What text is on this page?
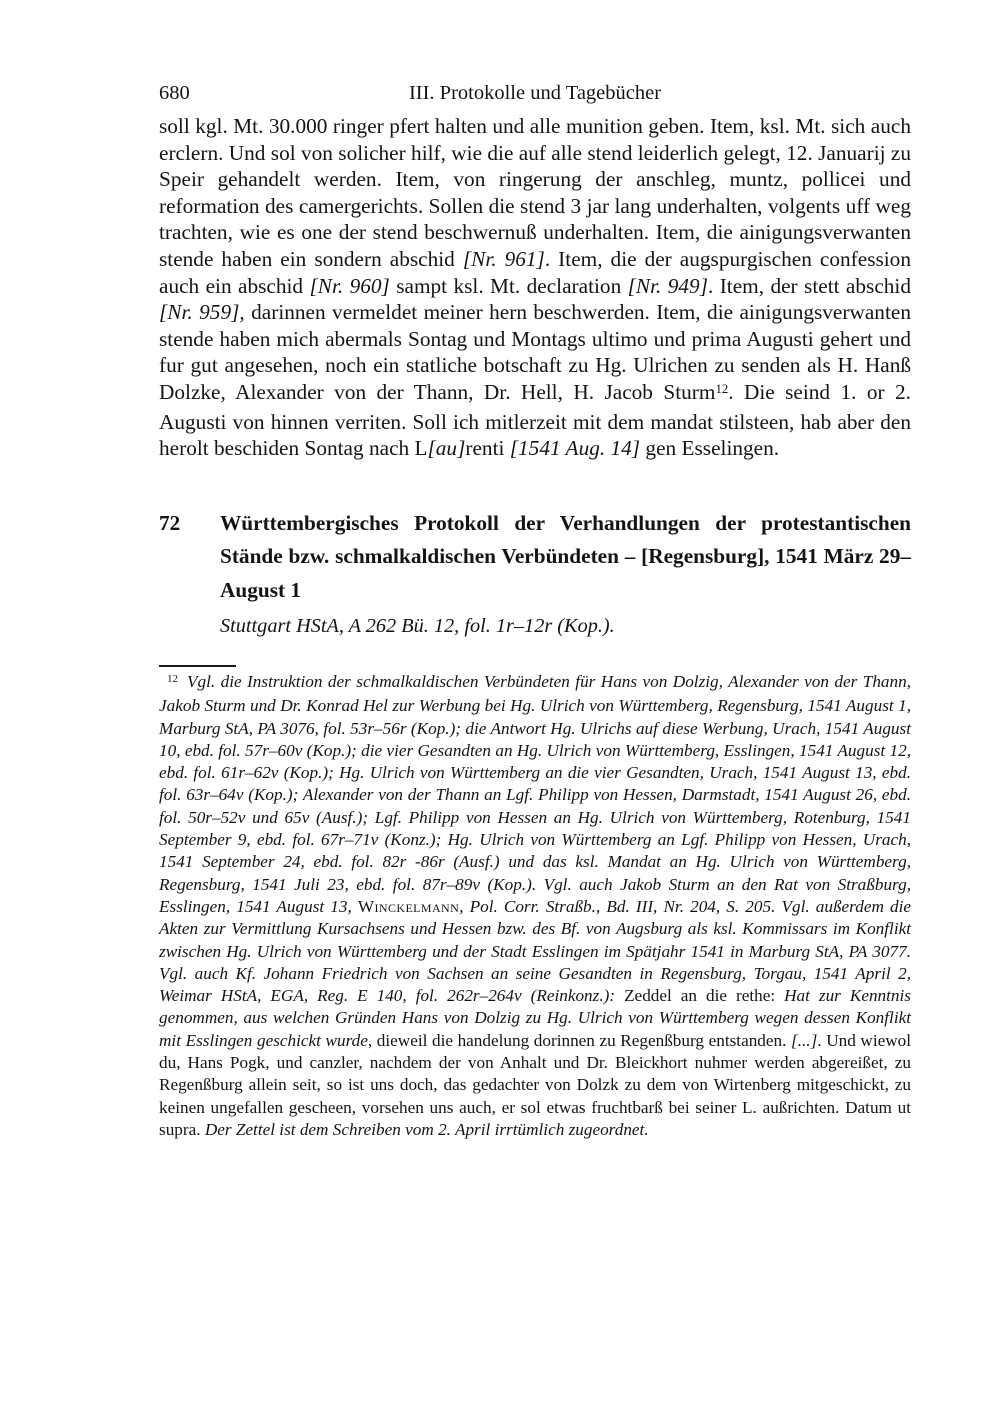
680	III. Protokolle und Tagebücher

soll kgl. Mt. 30.000 ringer pfert halten und alle munition geben. Item, ksl. Mt. sich auch erclern. Und sol von solicher hilf, wie die auf alle stend leiderlich gelegt, 12. Januarij zu Speir gehandelt werden. Item, von ringerung der anschleg, muntz, pollicei und reformation des camergerichts. Sollen die stend 3 jar lang underhalten, volgents uff weg trachten, wie es one der stend beschwernuß underhalten. Item, die ainigungsverwanten stende haben ein sondern abschid [Nr. 961]. Item, die der augspurgischen confession auch ein abschid [Nr. 960] sampt ksl. Mt. declaration [Nr. 949]. Item, der stett abschid [Nr. 959], darinnen vermeldet meiner hern beschwerden. Item, die ainigungsverwanten stende haben mich abermals Sontag und Montags ultimo und prima Augusti gehert und fur gut angesehen, noch ein statliche botschaft zu Hg. Ulrichen zu senden als H. Hanß Dolzke, Alexander von der Thann, Dr. Hell, H. Jacob Sturm$^{12}$. Die seind 1. or 2. Augusti von hinnen verriten. Soll ich mitlerzeit mit dem mandat stilsteen, hab aber den herolt beschiden Sontag nach L[au]renti [1541 Aug. 14] gen Esselingen.

72 Württembergisches Protokoll der Verhandlungen der protestantischen Stände bzw. schmalkaldischen Verbündeten – [Regensburg], 1541 März 29–August 1

Stuttgart HStA, A 262 Bü. 12, fol. 1r–12r (Kop.).

$^{12}$ Vgl. die Instruktion der schmalkaldischen Verbündeten für Hans von Dolzig, Alexander von der Thann, Jakob Sturm und Dr. Konrad Hel zur Werbung bei Hg. Ulrich von Württemberg, Regensburg, 1541 August 1, Marburg StA, PA 3076, fol. 53r–56r (Kop.); die Antwort Hg. Ulrichs auf diese Werbung, Urach, 1541 August 10, ebd. fol. 57r–60v (Kop.); die vier Gesandten an Hg. Ulrich von Württemberg, Esslingen, 1541 August 12, ebd. fol. 61r–62v (Kop.); Hg. Ulrich von Württemberg an die vier Gesandten, Urach, 1541 August 13, ebd. fol. 63r–64v (Kop.); Alexander von der Thann an Lgf. Philipp von Hessen, Darmstadt, 1541 August 26, ebd. fol. 50r–52v und 65v (Ausf.); Lgf. Philipp von Hessen an Hg. Ulrich von Württemberg, Rotenburg, 1541 September 9, ebd. fol. 67r–71v (Konz.); Hg. Ulrich von Württemberg an Lgf. Philipp von Hessen, Urach, 1541 September 24, ebd. fol. 82r -86r (Ausf.) und das ksl. Mandat an Hg. Ulrich von Württemberg, Regensburg, 1541 Juli 23, ebd. fol. 87r–89v (Kop.). Vgl. auch Jakob Sturm an den Rat von Straßburg, Esslingen, 1541 August 13, Winckelmann, Pol. Corr. Straßb., Bd. III, Nr. 204, S. 205. Vgl. außerdem die Akten zur Vermittlung Kursachsens und Hessen bzw. des Bf. von Augsburg als ksl. Kommissars im Konflikt zwischen Hg. Ulrich von Württemberg und der Stadt Esslingen im Spätjahr 1541 in Marburg StA, PA 3077. Vgl. auch Kf. Johann Friedrich von Sachsen an seine Gesandten in Regensburg, Torgau, 1541 April 2, Weimar HStA, EGA, Reg. E 140, fol. 262r–264v (Reinkonz.): Zeddel an die rethe: Hat zur Kenntnis genommen, aus welchen Gründen Hans von Dolzig zu Hg. Ulrich von Württemberg wegen dessen Konflikt mit Esslingen geschickt wurde, dieweil die handelung dorinnen zu Regenßburg entstanden. [...]. Und wiewol du, Hans Pogk, und canzler, nachdem der von Anhalt und Dr. Bleickhort nuhmer werden abgereißet, zu Regenßburg allein seit, so ist uns doch, das gedachter von Dolzk zu dem von Wirtenberg mitgeschickt, zu keinen ungefallen gescheen, vorsehen uns auch, er sol etwas fruchtbarß bei seiner L. außrichten. Datum ut supra. Der Zettel ist dem Schreiben vom 2. April irrtümlich zugeordnet.
